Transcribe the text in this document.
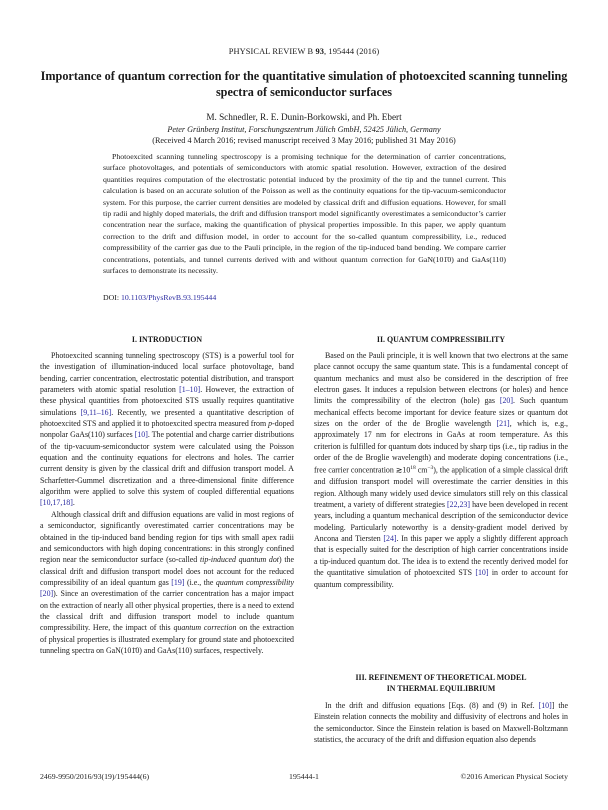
PHYSICAL REVIEW B 93, 195444 (2016)
Importance of quantum correction for the quantitative simulation of photoexcited scanning tunneling spectra of semiconductor surfaces
M. Schnedler, R. E. Dunin-Borkowski, and Ph. Ebert
Peter Grünberg Institut, Forschungszentrum Jülich GmbH, 52425 Jülich, Germany
(Received 4 March 2016; revised manuscript received 3 May 2016; published 31 May 2016)
Photoexcited scanning tunneling spectroscopy is a promising technique for the determination of carrier concentrations, surface photovoltages, and potentials of semiconductors with atomic spatial resolution. However, extraction of the desired quantities requires computation of the electrostatic potential induced by the proximity of the tip and the tunnel current. This calculation is based on an accurate solution of the Poisson as well as the continuity equations for the tip-vacuum-semiconductor system. For this purpose, the carrier current densities are modeled by classical drift and diffusion equations. However, for small tip radii and highly doped materials, the drift and diffusion transport model significantly overestimates a semiconductor’s carrier concentration near the surface, making the quantification of physical properties impossible. In this paper, we apply quantum correction to the drift and diffusion model, in order to account for the so-called quantum compressibility, i.e., reduced compressibility of the carrier gas due to the Pauli principle, in the region of the tip-induced band bending. We compare carrier concentrations, potentials, and tunnel currents derived with and without quantum correction for GaN(101̄0) and GaAs(110) surfaces to demonstrate its necessity.
DOI: 10.1103/PhysRevB.93.195444
I. INTRODUCTION

Photoexcited scanning tunneling spectroscopy (STS) is a powerful tool for the investigation of illumination-induced local surface photovoltage, band bending, carrier concentration, electrostatic potential distribution, and transport parameters with atomic spatial resolution [1–10]. However, the extraction of these physical quantities from photoexcited STS usually requires quantitative simulations [9,11–16]. Recently, we presented a quantitative description of photoexcited STS and applied it to photoexcited spectra measured from p-doped nonpolar GaAs(110) surfaces [10]. The potential and charge carrier distributions of the tip-vacuum-semiconductor system were calculated using the Poisson equation and the continuity equations for electrons and holes. The carrier current density is given by the classical drift and diffusion transport model. A Scharfetter-Gummel discretization and a three-dimensional finite difference algorithm were applied to solve this system of coupled differential equations [10,17,18].

Although classical drift and diffusion equations are valid in most regions of a semiconductor, significantly overestimated carrier concentrations may be obtained in the tip-induced band bending region for tips with small apex radii and semiconductors with high doping concentrations: in this strongly confined region near the semiconductor surface (so-called tip-induced quantum dot) the classical drift and diffusion transport model does not account for the reduced compressibility of an ideal quantum gas [19] (i.e., the quantum compressibility [20]). Since an overestimation of the carrier concentration has a major impact on the extraction of nearly all other physical properties, there is a need to extend the classical drift and diffusion transport model to include quantum compressibility. Here, the impact of this quantum correction on the extraction of physical properties is illustrated exemplary for ground state and photoexcited tunneling spectra on GaN(101̄0) and GaAs(110) surfaces, respectively.

II. QUANTUM COMPRESSIBILITY

Based on the Pauli principle, it is well known that two electrons at the same place cannot occupy the same quantum state. This is a fundamental concept of quantum mechanics and must also be considered in the description of free electron gases. It induces a repulsion between electrons (or holes) and hence limits the compressibility of the electron (hole) gas [20]. Such quantum mechanical effects become important for device feature sizes or quantum dot sizes on the order of the de Broglie wavelength [21], which is, e.g., approximately 17 nm for electrons in GaAs at room temperature. As this criterion is fulfilled for quantum dots induced by sharp tips (i.e., tip radius in the order of the de Broglie wavelength) and moderate doping concentrations (i.e., free carrier concentration $≳10^{18}$ $cm^{-3}$), the application of a simple classical drift and diffusion transport model will overestimate the carrier densities in this region. Although many widely used device simulators still rely on this classical treatment, a variety of different strategies [22,23] have been developed in recent years, including a quantum mechanical description of the semiconductor device modeling. Particularly noteworthy is a density-gradient model derived by Ancona and Tiersten [24]. In this paper we apply a slightly different approach that is especially suited for the description of high carrier concentrations inside a tip-induced quantum dot. The idea is to extend the recently derived model for the quantitative simulation of photoexcited STS [10] in order to account for quantum compressibility.

III. REFINEMENT OF THEORETICAL MODEL
IN THERMAL EQUILIBRIUM

In the drift and diffusion equations [Eqs. (8) and (9) in Ref. [10]] the Einstein relation connects the mobility and diffusivity of electrons and holes in the semiconductor. Since the Einstein relation is based on Maxwell-Boltzmann statistics, the accuracy of the drift and diffusion equation also depends

2469-9950/2016/93(19)/195444(6)	195444-1	©2016 American Physical Society
